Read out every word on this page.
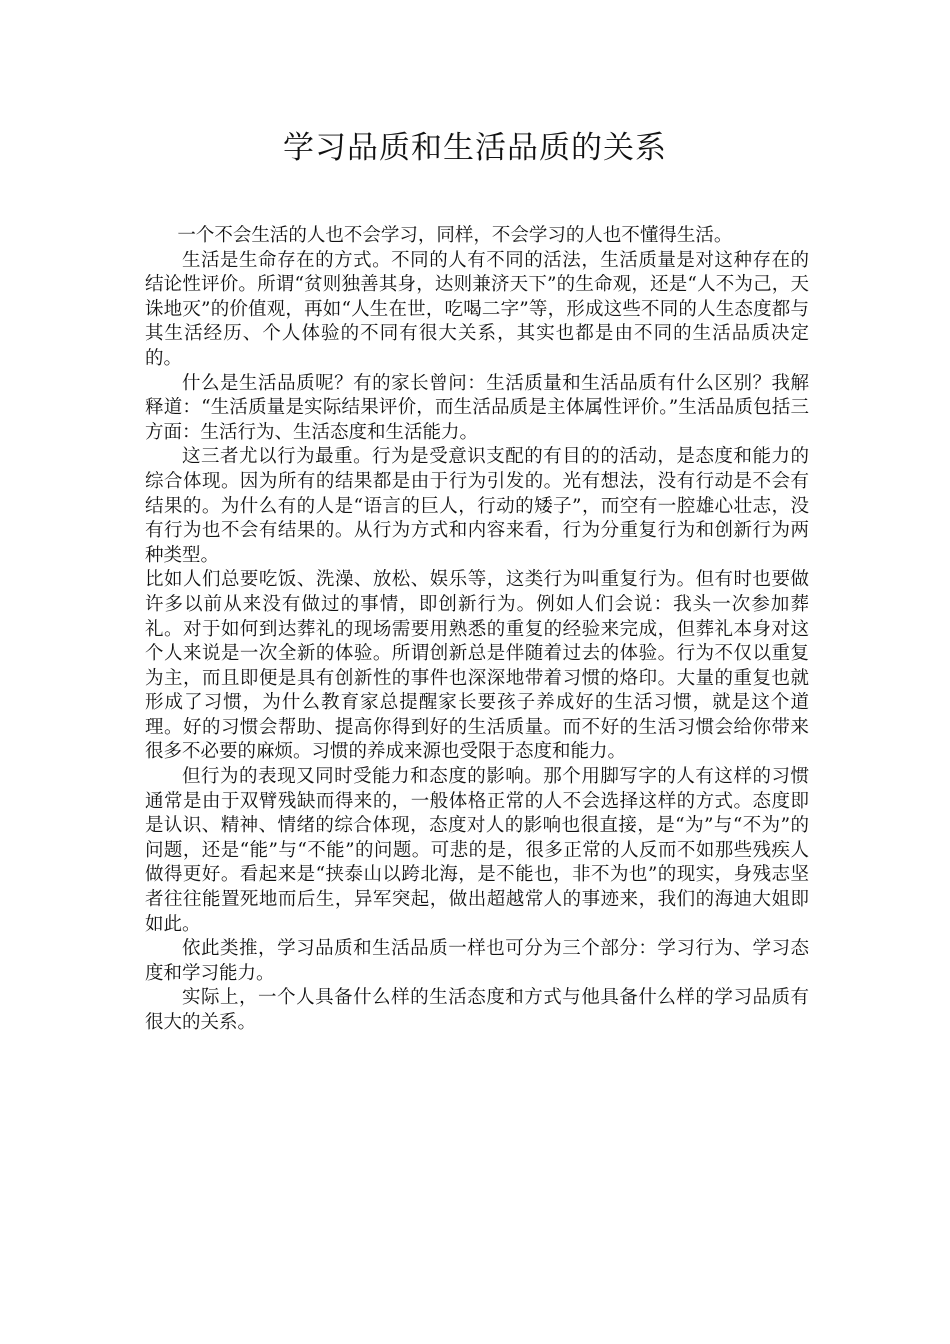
学习品质和生活品质的关系

一个不会生活的人也不会学习，同样，不会学习的人也不懂得生活。

生活是生命存在的方式。不同的人有不同的活法，生活质量是对这种存在的结论性评价。所谓“贫则独善其身，达则兼济天下”的生命观，还是“人不为己，天诛地灭”的价值观，再如“人生在世，吃喝二字”等，形成这些不同的人生态度都与其生活经历、个人体验的不同有很大关系，其实也都是由不同的生活品质决定的。

什么是生活品质呢？有的家长曾问：生活质量和生活品质有什么区别？我解释道：“生活质量是实际结果评价，而生活品质是主体属性评价。”生活品质包括三方面：生活行为、生活态度和生活能力。

这三者尤以行为最重。行为是受意识支配的有目的的活动，是态度和能力的综合体现。因为所有的结果都是由于行为引发的。光有想法，没有行动是不会有结果的。为什么有的人是“语言的巨人，行动的矮子”，而空有一腔雄心壮志，没有行为也不会有结果的。从行为方式和内容来看，行为分重复行为和创新行为两种类型。

比如人们总要吃饭、洗澡、放松、娱乐等，这类行为叫重复行为。但有时也要做许多以前从来没有做过的事情，即创新行为。例如人们会说：我头一次参加葬礼。对于如何到达葬礼的现场需要用熟悉的重复的经验来完成，但葬礼本身对这个人来说是一次全新的体验。所谓创新总是伴随着过去的体验。行为不仅以重复为主，而且即便是具有创新性的事件也深深地带着习惯的烙印。大量的重复也就形成了习惯，为什么教育家总提醒家长要孩子养成好的生活习惯，就是这个道理。好的习惯会帮助、提高你得到好的生活质量。而不好的生活习惯会给你带来很多不必要的麻烦。习惯的养成来源也受限于态度和能力。

但行为的表现又同时受能力和态度的影响。那个用脚写字的人有这样的习惯通常是由于双臂残缺而得来的，一般体格正常的人不会选择这样的方式。态度即是认识、精神、情绪的综合体现，态度对人的影响也很直接，是“为”与“不为”的问题，还是“能”与“不能”的问题。可悲的是，很多正常的人反而不如那些残疾人做得更好。看起来是“挟泰山以跨北海，是不能也，非不为也”的现实，身残志坚者往往能置死地而后生，异军突起，做出超越常人的事迹来，我们的海迪大姐即如此。

依此类推，学习品质和生活品质一样也可分为三个部分：学习行为、学习态度和学习能力。

实际上，一个人具备什么样的生活态度和方式与他具备什么样的学习品质有很大的关系。
